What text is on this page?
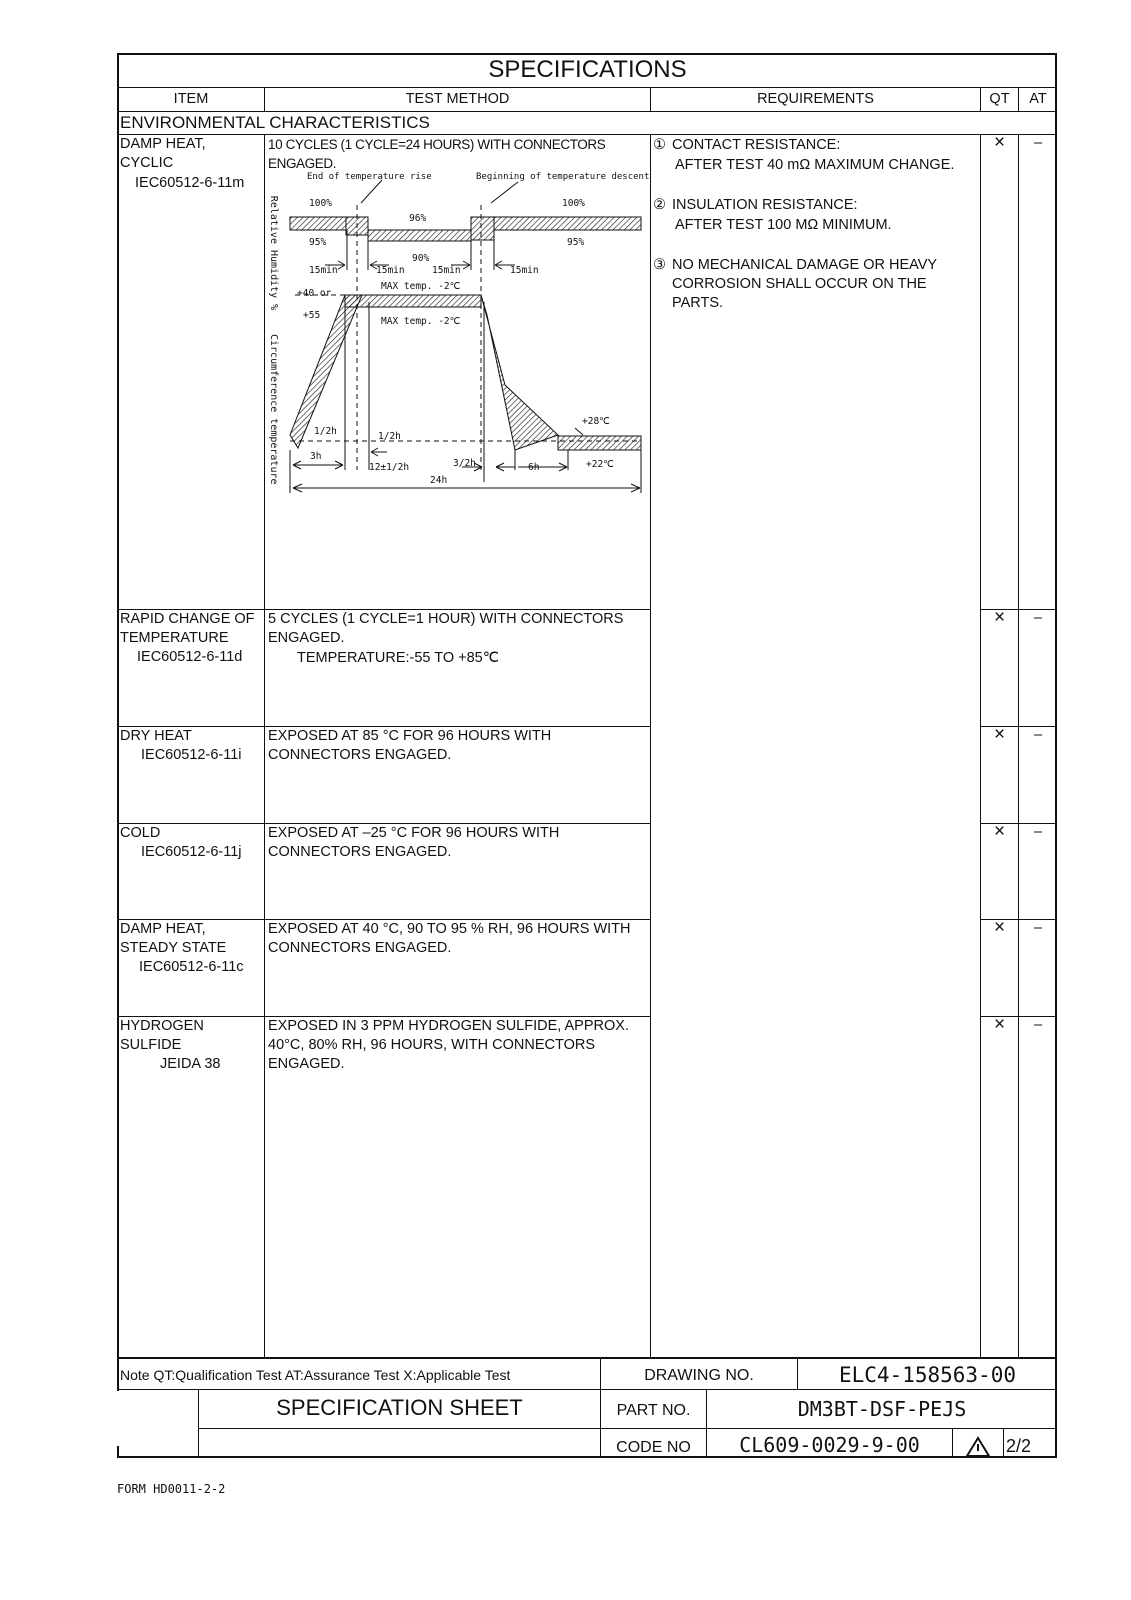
SPECIFICATIONS
ITEM	TEST METHOD	REQUIREMENTS	QT	AT
ENVIRONMENTAL CHARACTERISTICS
DAMP HEAT,
CYCLIC
IEC60512-6-11m
10 CYCLES (1 CYCLE=24 HOURS) WITH CONNECTORS
ENGAGED.
×	–
End of temperature rise	Beginning of temperature descent
Relative Humidity %
Circumference temperature
100%	100%
96%
95%	95%
90%
15min	15min	15min	15min
MAX temp. -2℃
MAX temp. -2℃
+40 or
+55
+28℃
+22℃
1/2h	1/2h
3h
12±1/2h	3/2h	6h
24h
① CONTACT RESISTANCE:
AFTER TEST 40 mΩ MAXIMUM CHANGE.
② INSULATION RESISTANCE:
AFTER TEST 100 MΩ MINIMUM.
③ NO MECHANICAL DAMAGE OR HEAVY
CORROSION SHALL OCCUR ON THE
PARTS.
RAPID CHANGE OF
TEMPERATURE
IEC60512-6-11d
5 CYCLES (1 CYCLE=1 HOUR) WITH CONNECTORS
ENGAGED.
TEMPERATURE:-55 TO +85℃
×	–
DRY HEAT
IEC60512-6-11i
EXPOSED AT 85 °C FOR 96 HOURS WITH
CONNECTORS ENGAGED.
×	–
COLD
IEC60512-6-11j
EXPOSED AT –25 °C FOR 96 HOURS WITH
CONNECTORS ENGAGED.
×	–
DAMP HEAT,
STEADY STATE
IEC60512-6-11c
EXPOSED AT 40 °C, 90 TO 95 % RH, 96 HOURS WITH
CONNECTORS ENGAGED.
×	–
HYDROGEN
SULFIDE
JEIDA 38
EXPOSED IN 3 PPM HYDROGEN SULFIDE, APPROX.
40°C, 80% RH, 96 HOURS, WITH CONNECTORS
ENGAGED.
×	–
Note QT:Qualification Test AT:Assurance Test X:Applicable Test
SPECIFICATION SHEET
DRAWING NO.	ELC4-158563-00
PART NO.	DM3BT-DSF-PEJS
CODE NO	CL609-0029-9-00	2/2
FORM HD0011-2-2
